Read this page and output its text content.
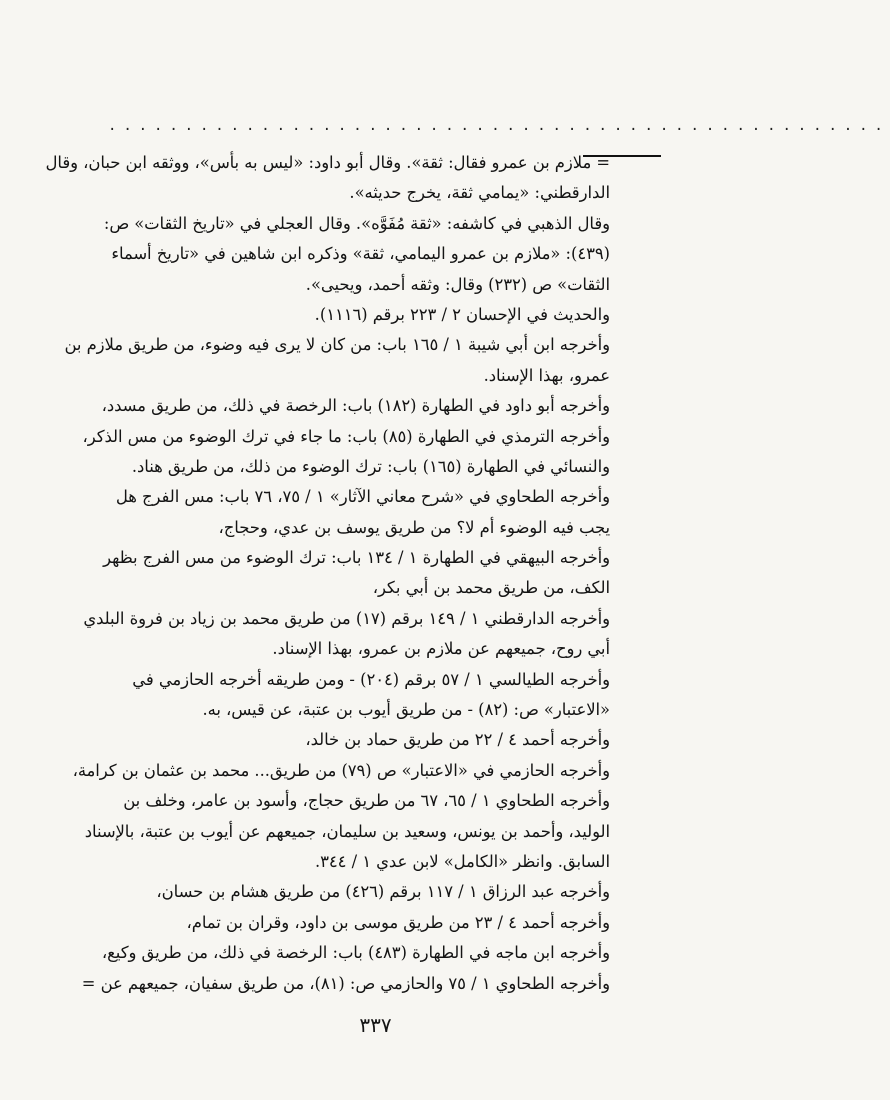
...................................................
= ملازم بن عمرو فقال: ثقة». وقال أبو داود: «ليس به بأس»، ووثقه ابن حبان، وقال
الدارقطني: «يمامي ثقة، يخرج حديثه».
وقال الذهبي في كاشفه: «ثقة مُفَوَّه». وقال العجلي في «تاريخ الثقات» ص:
(٤٣٩): «ملازم بن عمرو اليمامي، ثقة» وذكره ابن شاهين في «تاريخ أسماء
الثقات» ص (٢٣٢) وقال: وثقه أحمد، ويحيى».
والحديث في الإحسان ٢ / ٢٢٣ برقم (١١١٦).
وأخرجه ابن أبي شيبة ١ / ١٦٥ باب: من كان لا يرى فيه وضوء، من طريق ملازم بن
عمرو، بهذا الإسناد.
وأخرجه أبو داود في الطهارة (١٨٢) باب: الرخصة في ذلك، من طريق مسدد،
وأخرجه الترمذي في الطهارة (٨٥) باب: ما جاء في ترك الوضوء من مس الذكر،
والنسائي في الطهارة (١٦٥) باب: ترك الوضوء من ذلك، من طريق هناد.
وأخرجه الطحاوي في «شرح معاني الآثار» ١ / ٧٥، ٧٦ باب: مس الفرج هل
يجب فيه الوضوء أم لا؟ من طريق يوسف بن عدي، وحجاج،
وأخرجه البيهقي في الطهارة ١ / ١٣٤ باب: ترك الوضوء من مس الفرج بظهر
الكف، من طريق محمد بن أبي بكر،
وأخرجه الدارقطني ١ / ١٤٩ برقم (١٧) من طريق محمد بن زياد بن فروة البلدي
أبي روح، جميعهم عن ملازم بن عمرو، بهذا الإسناد.
وأخرجه الطيالسي ١ / ٥٧ برقم (٢٠٤) - ومن طريقه أخرجه الحازمي في
«الاعتبار» ص: (٨٢) - من طريق أيوب بن عتبة، عن قيس، به.
وأخرجه أحمد ٤ / ٢٢ من طريق حماد بن خالد،
وأخرجه الحازمي في «الاعتبار» ص (٧٩) من طريق... محمد بن عثمان بن كرامة،
وأخرجه الطحاوي ١ / ٦٥، ٦٧ من طريق حجاج، وأسود بن عامر، وخلف بن
الوليد، وأحمد بن يونس، وسعيد بن سليمان، جميعهم عن أيوب بن عتبة، بالإسناد
السابق. وانظر «الكامل» لابن عدي ١ / ٣٤٤.
وأخرجه عبد الرزاق ١ / ١١٧ برقم (٤٢٦) من طريق هشام بن حسان،
وأخرجه أحمد ٤ / ٢٣ من طريق موسى بن داود، وقران بن تمام،
وأخرجه ابن ماجه في الطهارة (٤٨٣) باب: الرخصة في ذلك، من طريق وكيع،
وأخرجه الطحاوي ١ / ٧٥ والحازمي ص: (٨١)، من طريق سفيان، جميعهم عن =
٣٣٧
